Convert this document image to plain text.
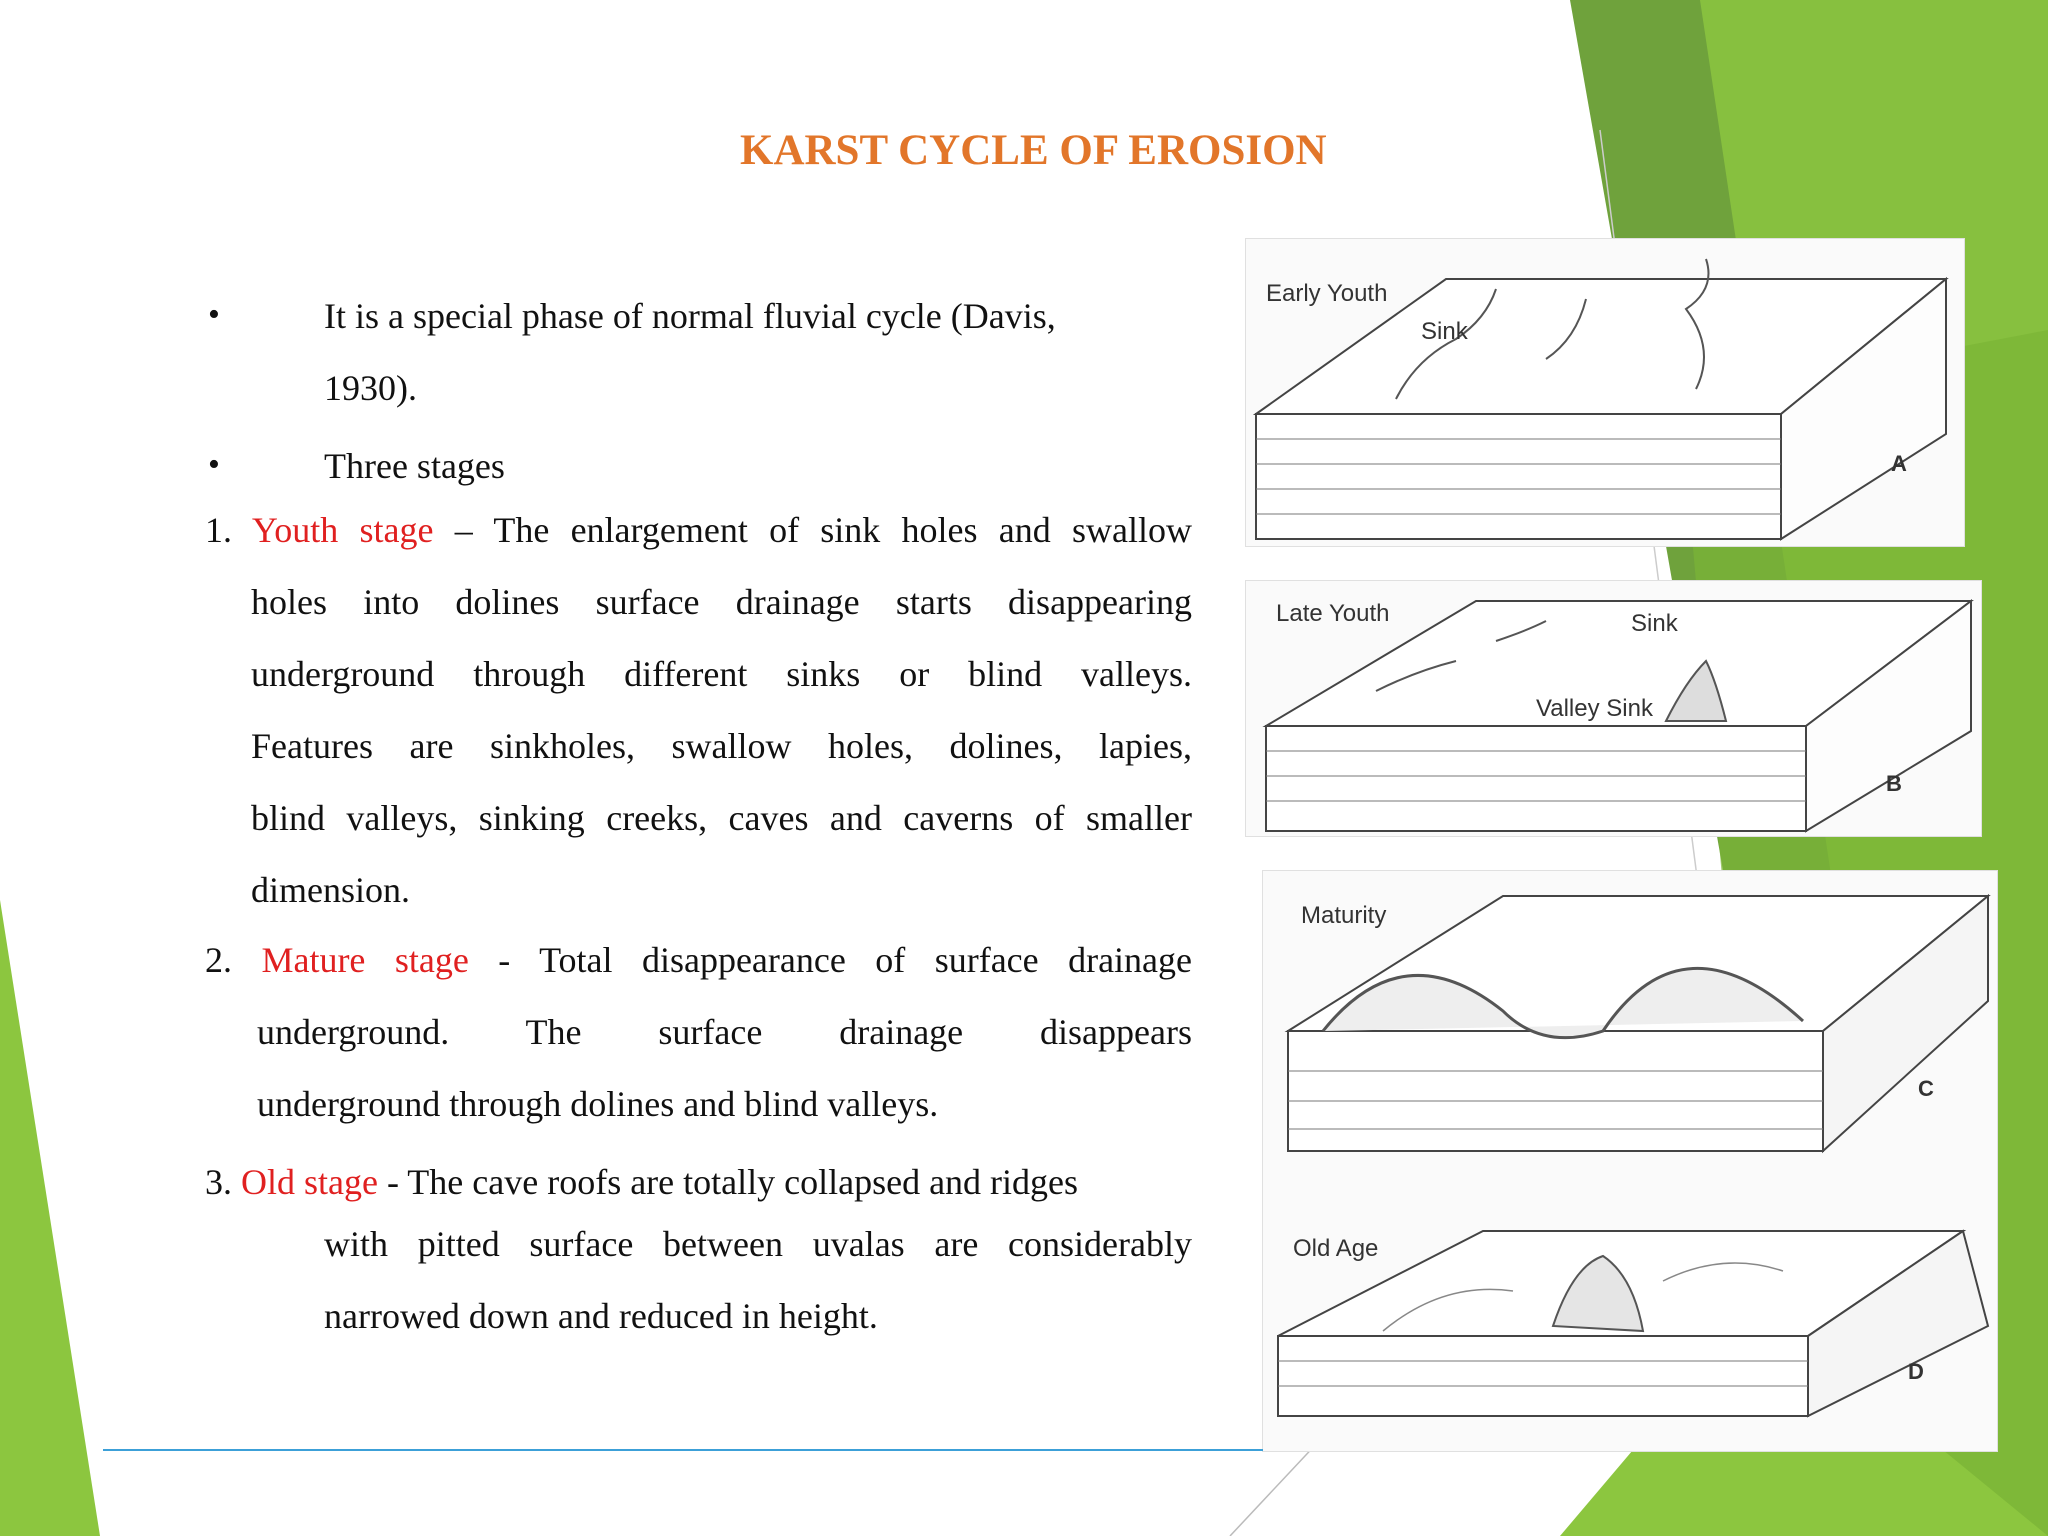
KARST CYCLE OF EROSION
•	It is a special phase of normal fluvial cycle (Davis,
1930).
•	Three stages
1. Youth stage – The enlargement of sink holes and swallow
holes into dolines surface drainage starts disappearing
underground through different sinks or blind valleys.
Features are sinkholes, swallow holes, dolines, lapies,
blind valleys, sinking creeks, caves and caverns of smaller
dimension.
2. Mature stage - Total disappearance of surface drainage
underground. The surface drainage disappears
underground through dolines and blind valleys.
3. Old stage - The cave roofs are totally collapsed and ridges
with pitted surface between uvalas are considerably
narrowed down and reduced in height.
Early Youth
Sink
A
Late Youth	Sink
Valley Sink
B
Maturity
C
Old Age
D
